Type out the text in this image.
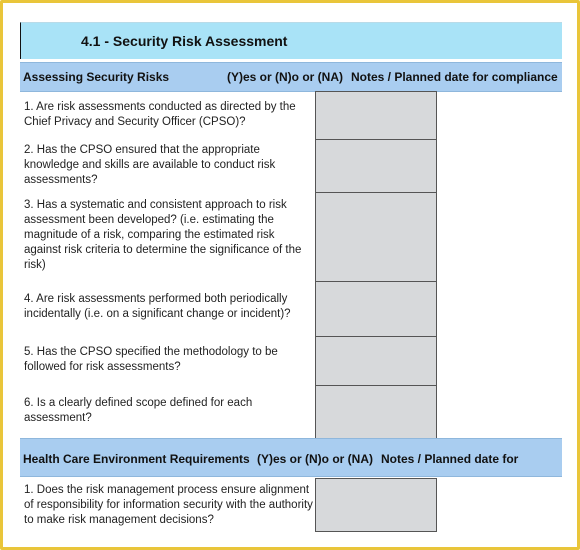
4.1 - Security Risk Assessment
Assessing Security Risks	(Y)es or (N)o or (NA) Notes / Planned date for compliance
1. Are risk assessments conducted as directed by the
Chief Privacy and Security Officer (CPSO)?
2. Has the CPSO ensured that the appropriate
knowledge and skills are available to conduct risk
assessments?
3. Has a systematic and consistent approach to risk
assessment been developed? (i.e. estimating the
magnitude of a risk, comparing the estimated risk
against risk criteria to determine the significance of the
risk)
4. Are risk assessments performed both periodically
incidentally (i.e. on a significant change or incident)?
5. Has the CPSO specified the methodology to be
followed for risk assessments?
6. Is a clearly defined scope defined for each
assessment?
Health Care Environment Requirements (Y)es or (N)o or (NA) Notes / Planned date for
1. Does the risk management process ensure alignment
of responsibility for information security with the authority
to make risk management decisions?
